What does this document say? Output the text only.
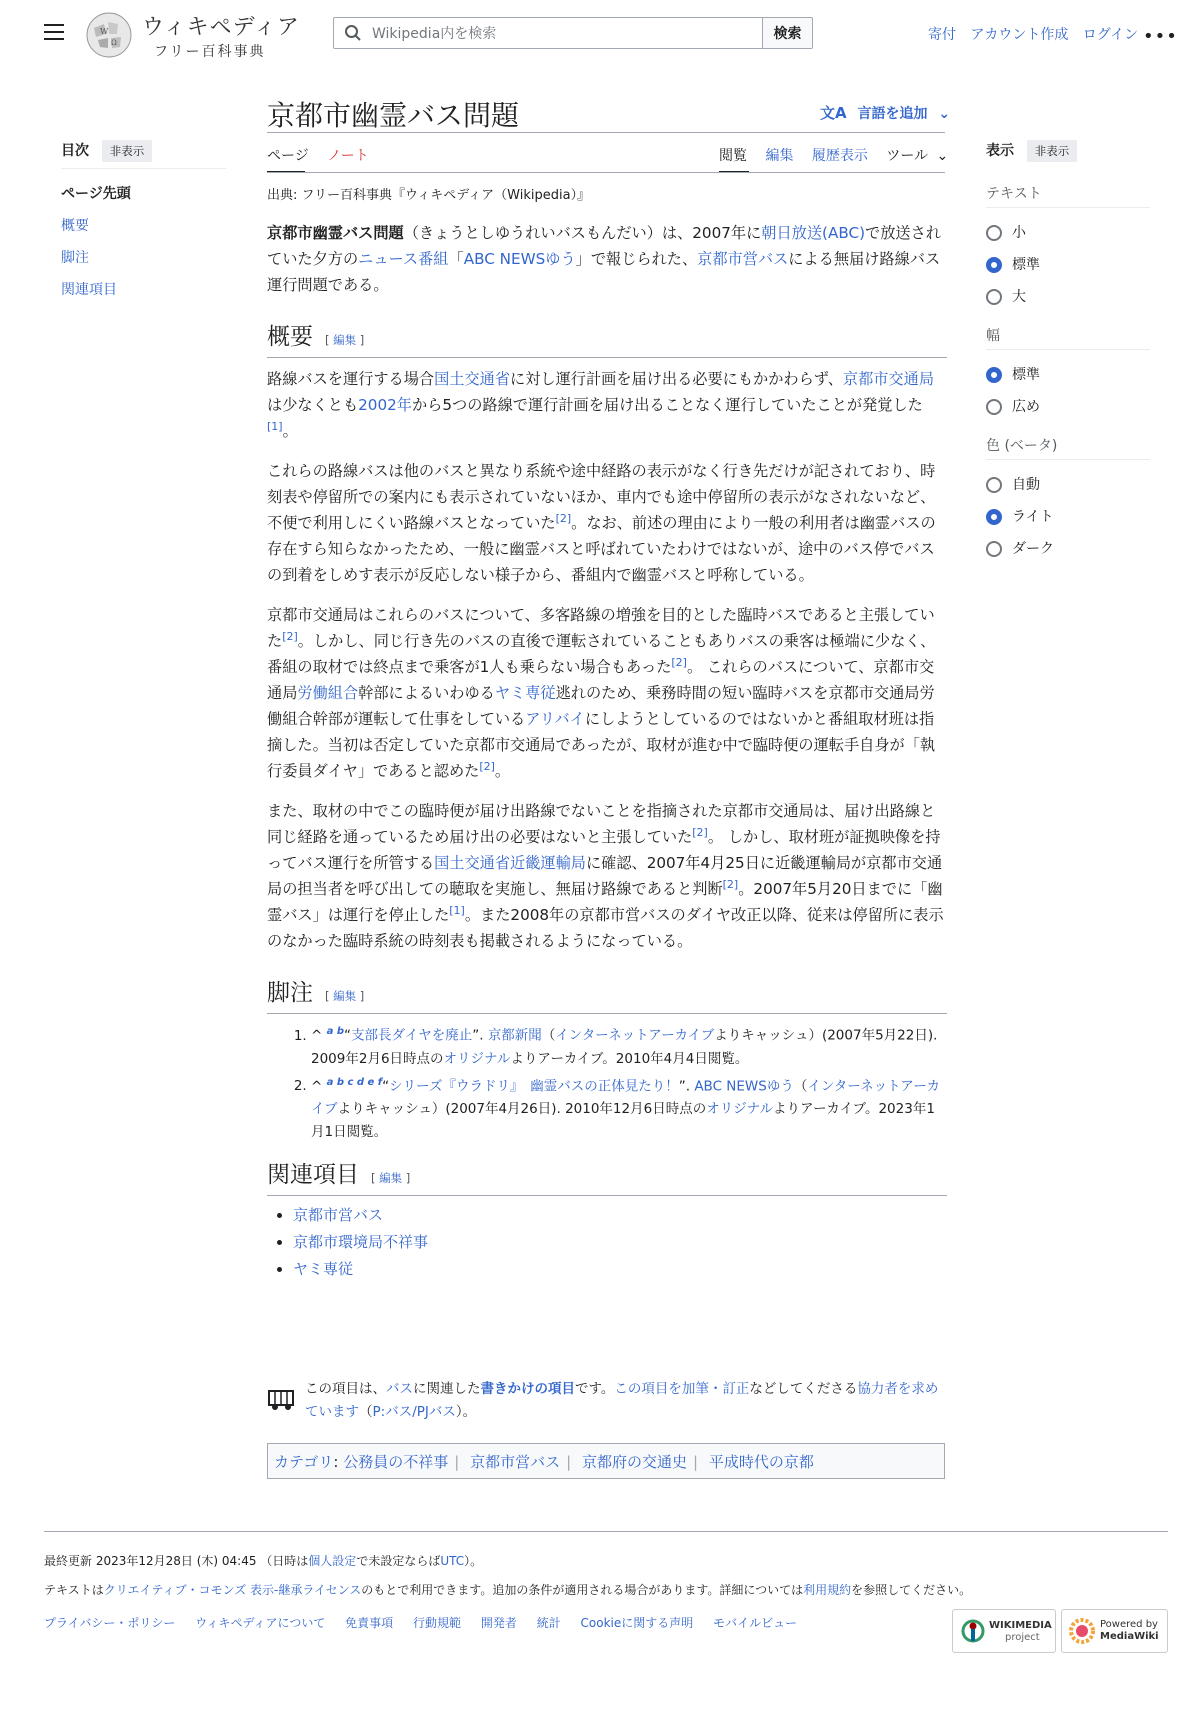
W
Ω
ウィキペディア
フリー百科事典
Wikipedia内を検索
検索	寄付 アカウント作成 ログイン •••
目次 非表示
ページ先頭
概要
脚注
関連項目
表示 非表示
テキスト
小
標準
大
幅
標準
広め
色 (ベータ)
自動
ライト
ダーク
京都市幽霊バス問題	文A 言語を追加 ⌄
ページ ノート	閲覧 編集 履歴表示 ツール ⌄
出典: フリー百科事典『ウィキペディア（Wikipedia）』

京都市幽霊バス問題（きょうとしゆうれいバスもんだい）は、2007年に朝日放送(ABC)で放送されていた夕方のニュース番組「ABC NEWSゆう」で報じられた、京都市営バスによる無届け路線バス運行問題である。

概要 [ 編集 ]

路線バスを運行する場合国土交通省に対し運行計画を届け出る必要にもかかわらず、京都市交通局は少なくとも2002年から5つの路線で運行計画を届け出ることなく運行していたことが発覚した[1]。

これらの路線バスは他のバスと異なり系統や途中経路の表示がなく行き先だけが記されており、時刻表や停留所での案内にも表示されていないほか、車内でも途中停留所の表示がなされないなど、不便で利用しにくい路線バスとなっていた[2]。なお、前述の理由により一般の利用者は幽霊バスの存在すら知らなかったため、一般に幽霊バスと呼ばれていたわけではないが、途中のバス停でバスの到着をしめす表示が反応しない様子から、番組内で幽霊バスと呼称している。

京都市交通局はこれらのバスについて、多客路線の増強を目的とした臨時バスであると主張していた[2]。しかし、同じ行き先のバスの直後で運転されていることもありバスの乗客は極端に少なく、番組の取材では終点まで乗客が1人も乗らない場合もあった[2]。 これらのバスについて、京都市交通局労働組合幹部によるいわゆるヤミ専従逃れのため、乗務時間の短い臨時バスを京都市交通局労働組合幹部が運転して仕事をしているアリバイにしようとしているのではないかと番組取材班は指摘した。当初は否定していた京都市交通局であったが、取材が進む中で臨時便の運転手自身が「執行委員ダイヤ」であると認めた[2]。

また、取材の中でこの臨時便が届け出路線でないことを指摘された京都市交通局は、届け出路線と同じ経路を通っているため届け出の必要はないと主張していた[2]。 しかし、取材班が証拠映像を持ってバス運行を所管する国土交通省近畿運輸局に確認、2007年4月25日に近畿運輸局が京都市交通局の担当者を呼び出しての聴取を実施し、無届け路線であると判断[2]。2007年5月20日までに「幽霊バス」は運行を停止した[1]。また2008年の京都市営バスのダイヤ改正以降、従来は停留所に表示のなかった臨時系統の時刻表も掲載されるようになっている。

脚注 [ 編集 ]
1. ^ $^{a b}$“支部長ダイヤを廃止”. 京都新聞（インターネットアーカイブよりキャッシュ）(2007年5月22日). 2009年2月6日時点のオリジナルよりアーカイブ。2010年4月4日閲覧。
2. ^ $^{a b c d e f}$“シリーズ『ウラドリ』　幽霊バスの正体見たり！”. ABC NEWSゆう（インターネットアーカイブよりキャッシュ）(2007年4月26日). 2010年12月6日時点のオリジナルよりアーカイブ。2023年1月1日閲覧。
関連項目 [ 編集 ]
• 京都市営バス
• 京都市環境局不祥事
• ヤミ専従
この項目は、バスに関連した書きかけの項目です。この項目を加筆・訂正などしてくださる協力者を求めています（P:バス/PJバス）。
カテゴリ: 公務員の不祥事 | 京都市営バス | 京都府の交通史 | 平成時代の京都
最終更新 2023年12月28日 (木) 04:45 （日時は個人設定で未設定ならばUTC）。
テキストはクリエイティブ・コモンズ 表示-継承ライセンスのもとで利用できます。追加の条件が適用される場合があります。詳細については利用規約を参照してください。
プライバシー・ポリシー ウィキペディアについて 免責事項 行動規範 開発者 統計 Cookieに関する声明 モバイルビュー	WIKIMEDIA
project
Powered by
MediaWiki
